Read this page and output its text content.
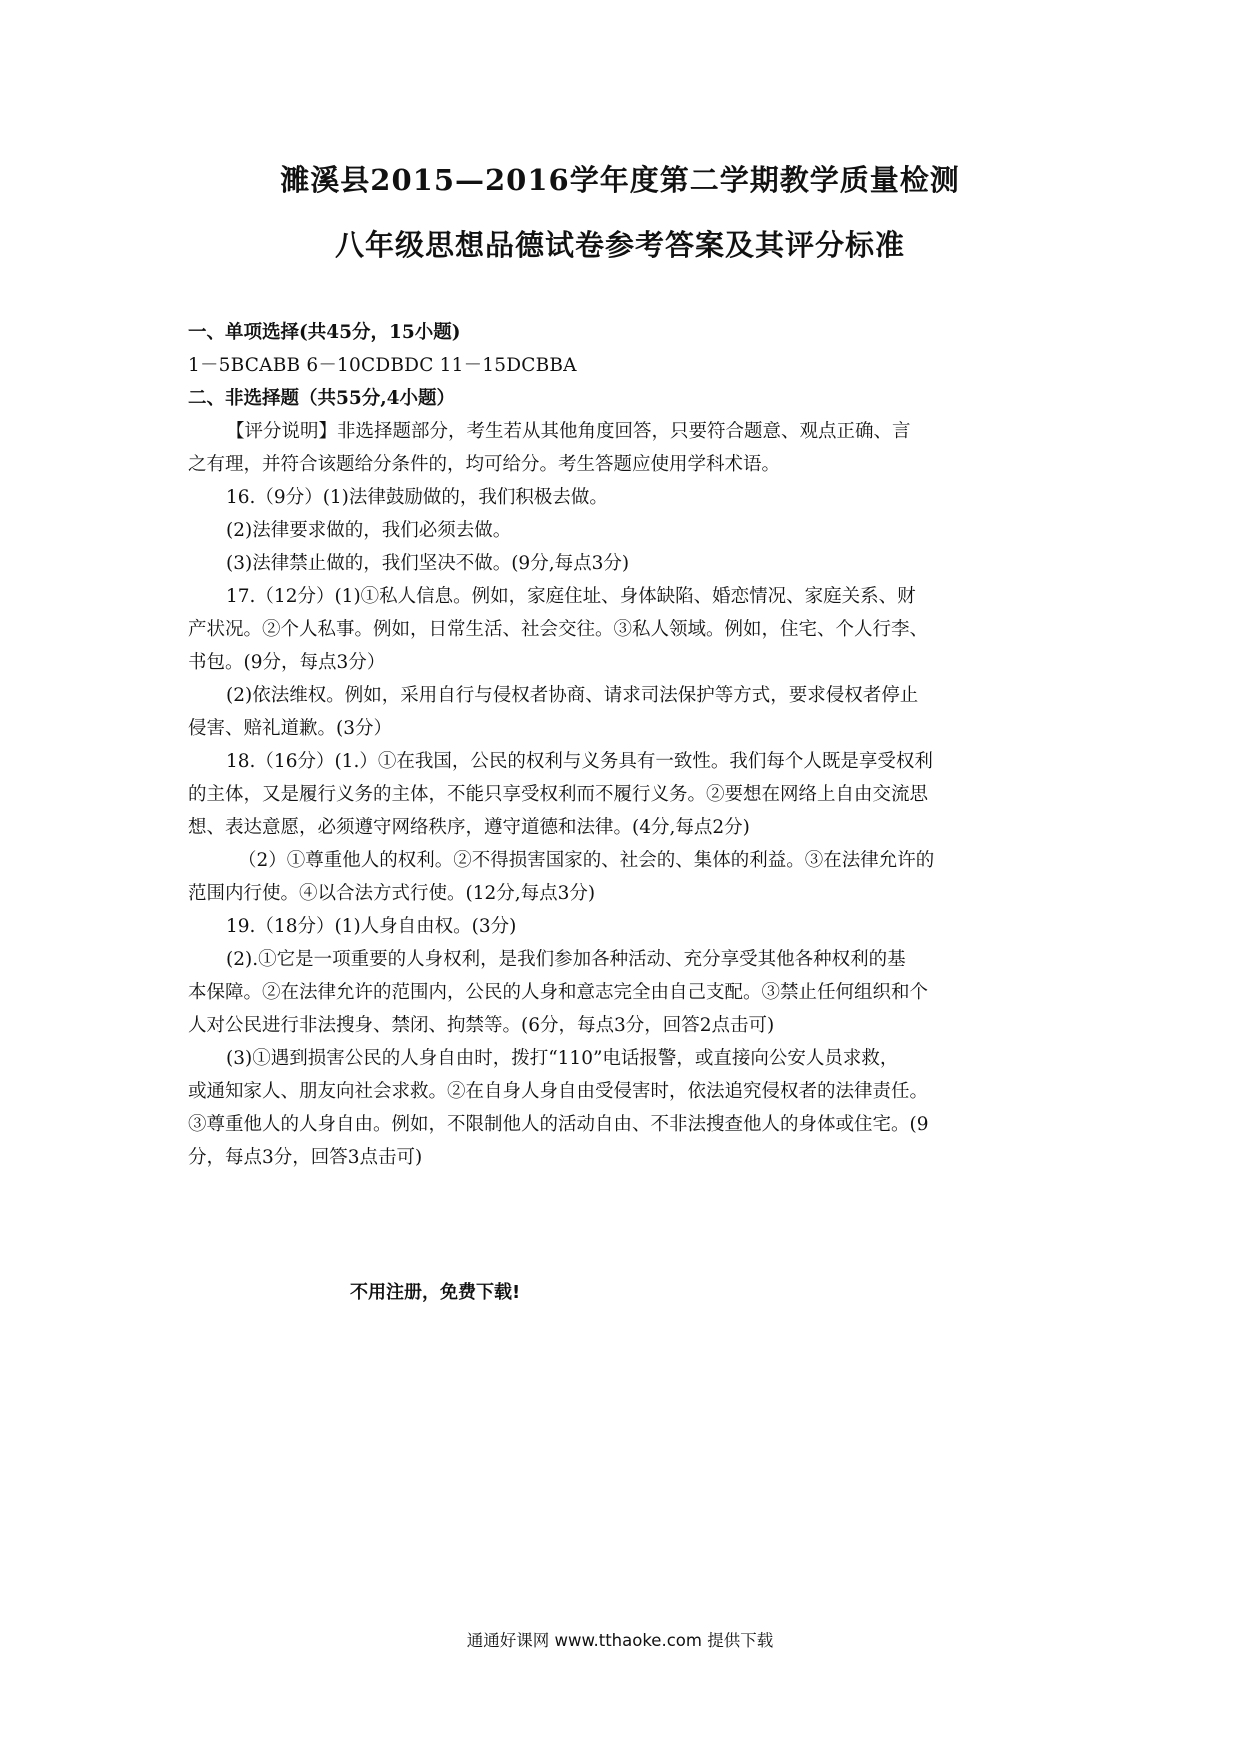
濉溪县2015—2016学年度第二学期教学质量检测
八年级思想品德试卷参考答案及其评分标准
一、单项选择(共45分，15小题)
1－5BCABB 6－10CDBDC 11－15DCBBA
二、非选择题（共55分,4小题）
【评分说明】非选择题部分，考生若从其他角度回答，只要符合题意、观点正确、言
之有理，并符合该题给分条件的，均可给分。考生答题应使用学科术语。
16.（9分）(1)法律鼓励做的，我们积极去做。
(2)法律要求做的，我们必须去做。
(3)法律禁止做的，我们坚决不做。(9分,每点3分)
17.（12分）(1)①私人信息。例如，家庭住址、身体缺陷、婚恋情况、家庭关系、财
产状况。②个人私事。例如，日常生活、社会交往。③私人领域。例如，住宅、个人行李、
书包。(9分，每点3分）
(2)依法维权。例如，采用自行与侵权者协商、请求司法保护等方式，要求侵权者停止
侵害、赔礼道歉。(3分）
18.（16分）(1.）①在我国，公民的权利与义务具有一致性。我们每个人既是享受权利
的主体，又是履行义务的主体，不能只享受权利而不履行义务。②要想在网络上自由交流思
想、表达意愿，必须遵守网络秩序，遵守道德和法律。(4分,每点2分)
（2）①尊重他人的权利。②不得损害国家的、社会的、集体的利益。③在法律允许的
范围内行使。④以合法方式行使。(12分,每点3分)
19.（18分）(1)人身自由权。(3分)
(2).①它是一项重要的人身权利，是我们参加各种活动、充分享受其他各种权利的基
本保障。②在法律允许的范围内，公民的人身和意志完全由自己支配。③禁止任何组织和个
人对公民进行非法搜身、禁闭、拘禁等。(6分，每点3分，回答2点击可)
(3)①遇到损害公民的人身自由时，拨打“110”电话报警，或直接向公安人员求救，
或通知家人、朋友向社会求救。②在自身人身自由受侵害时，依法追究侵权者的法律责任。
③尊重他人的人身自由。例如，不限制他人的活动自由、不非法搜查他人的身体或住宅。(9
分，每点3分，回答3点击可)
不用注册，免费下载!
通通好课网 www.tthaoke.com 提供下载
